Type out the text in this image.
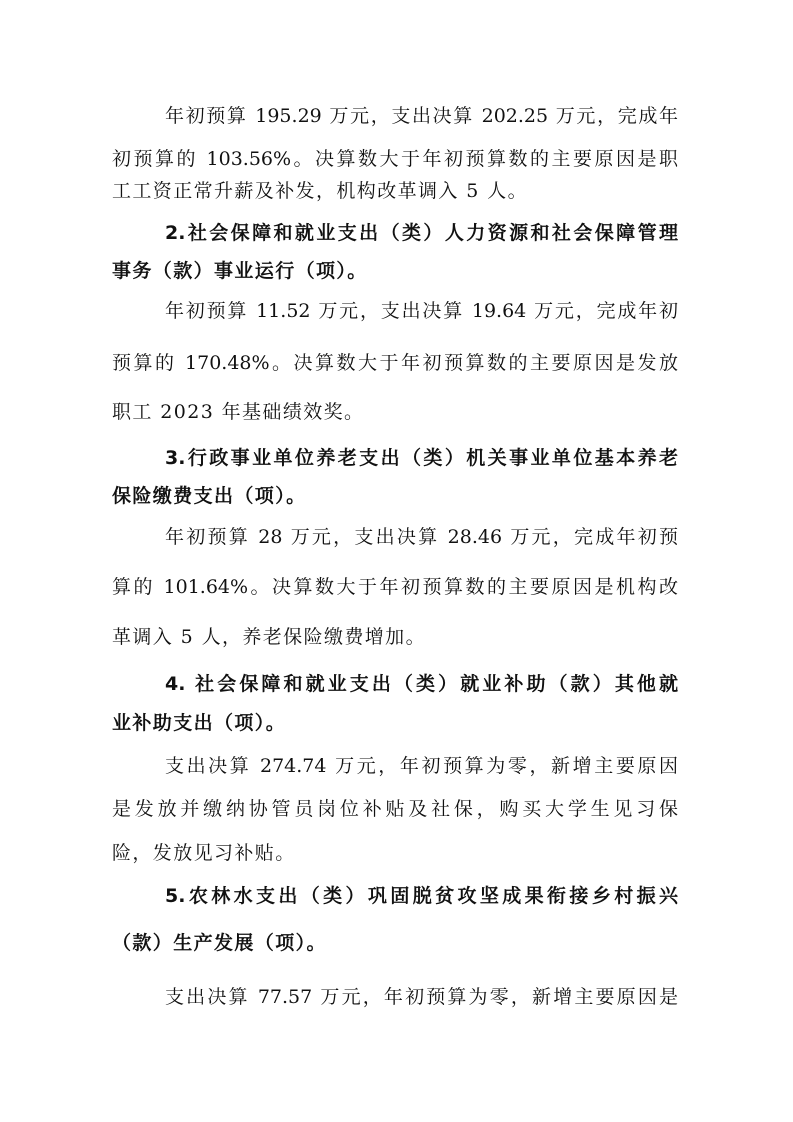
年初预算 195.29 万元，支出决算 202.25 万元，完成年
初预算的 103.56%。决算数大于年初预算数的主要原因是职
工工资正常升薪及补发，机构改革调入 5 人。
2.社会保障和就业支出（类）人力资源和社会保障管理
事务（款）事业运行（项）。
年初预算 11.52 万元，支出决算 19.64 万元，完成年初
预算的 170.48%。决算数大于年初预算数的主要原因是发放
职工 2023 年基础绩效奖。
3.行政事业单位养老支出（类）机关事业单位基本养老
保险缴费支出（项）。
年初预算 28 万元，支出决算 28.46 万元，完成年初预
算的 101.64%。决算数大于年初预算数的主要原因是机构改
革调入 5 人，养老保险缴费增加。
4. 社会保障和就业支出（类）就业补助（款）其他就
业补助支出（项）。
支出决算 274.74 万元，年初预算为零，新增主要原因
是发放并缴纳协管员岗位补贴及社保，购买大学生见习保
险，发放见习补贴。
5.农林水支出（类）巩固脱贫攻坚成果衔接乡村振兴
（款）生产发展（项）。
支出决算 77.57 万元，年初预算为零，新增主要原因是
